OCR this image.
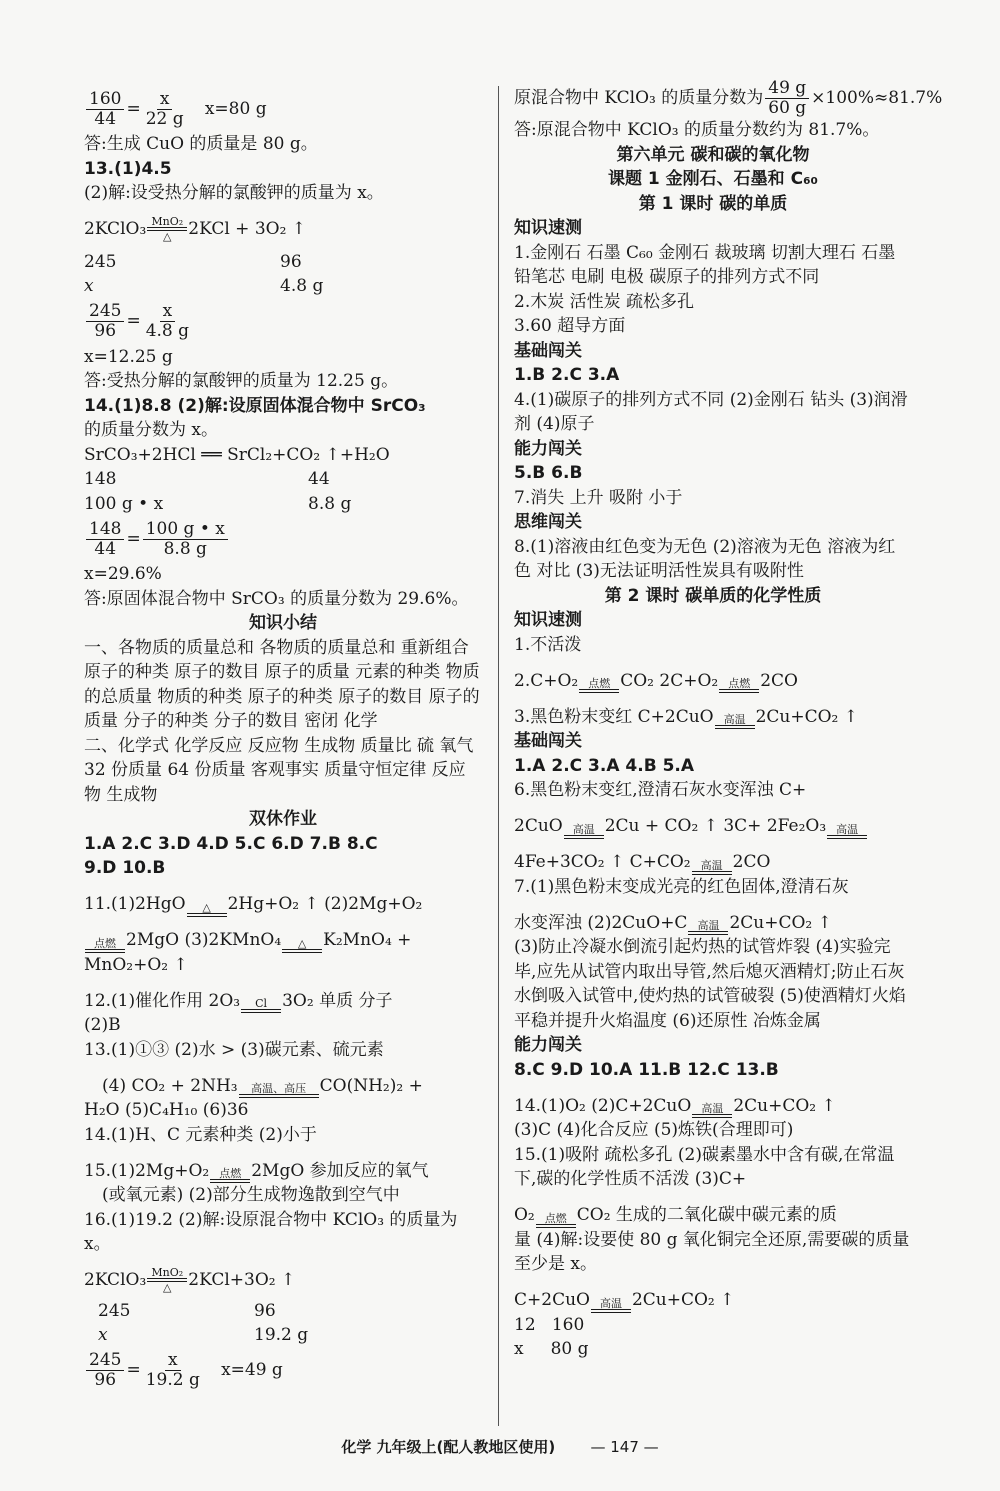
$\frac{160}{44} = \frac{x}{22 g}$
x=80 g
答:生成 CuO 的质量是 80 g。
13.(1)4.5
(2)解:设受热分解的氯酸钾的质量为 x。
2KClO₃ MnO₂
△ 2KCl + 3O₂ ↑
245	96
x	4.8 g
$\frac{245}{96} = \frac{x}{4.8 g}$
x=12.25 g
答:受热分解的氯酸钾的质量为 12.25 g。
14.(1)8.8 (2)解:设原固体混合物中 SrCO₃
的质量分数为 x。
SrCO₃+2HCl ══ SrCl₂+CO₂ ↑+H₂O
148	44
100 g • x	8.8 g
$\frac{148}{44} = \frac{100 g • x}{8.8 g}$
x=29.6%
答:原固体混合物中 SrCO₃ 的质量分数为 29.6%。
知识小结
一、各物质的质量总和 各物质的质量总和 重新组合 原子的种类 原子的数目 原子的质量 元素的种类 物质的总质量 物质的种类 原子的种类 原子的数目 原子的质量 分子的种类 分子的数目 密闭 化学
二、化学式 化学反应 反应物 生成物 质量比 硫 氧气 32 份质量 64 份质量 客观事实 质量守恒定律 反应物 生成物
双休作业
1.A 2.C 3.D 4.D 5.C 6.D 7.B 8.C
9.D 10.B
11.(1)2HgO △ 2Hg+O₂ ↑ (2)2Mg+O₂
点燃 2MgO (3)2KMnO₄ △ K₂MnO₄ +
MnO₂+O₂ ↑
12.(1)催化作用 2O₃ Cl 3O₂ 单质 分子
(2)B
13.(1)①③ (2)水 > (3)碳元素、硫元素
(4) CO₂ + 2NH₃ 高温、高压 CO(NH₂)₂ +
H₂O (5)C₄H₁₀ (6)36
14.(1)H、C 元素种类 (2)小于
15.(1)2Mg+O₂ 点燃 2MgO 参加反应的氧气
(或氧元素) (2)部分生成物逸散到空气中
16.(1)19.2 (2)解:设原混合物中 KClO₃ 的质量为 x。
2KClO₃ MnO₂
△ 2KCl+3O₂ ↑
245	96
x	19.2 g
$\frac{245}{96} = \frac{x}{19.2 g}$
x=49 g
原混合物中 KClO₃ 的质量分数为 $\frac{49 g}{60 g} \times 100\%\approx 81.7\%$
答:原混合物中 KClO₃ 的质量分数约为 81.7%。
第六单元 碳和碳的氧化物
课题 1 金刚石、石墨和 C₆₀
第 1 课时 碳的单质
知识速测
1.金刚石 石墨 C₆₀ 金刚石 裁玻璃 切割大理石 石墨 铅笔芯 电刷 电极 碳原子的排列方式不同
2.木炭 活性炭 疏松多孔
3.60 超导方面
基础闯关
1.B 2.C 3.A
4.(1)碳原子的排列方式不同 (2)金刚石 钻头 (3)润滑剂 (4)原子
能力闯关
5.B 6.B
7.消失 上升 吸附 小于
思维闯关
8.(1)溶液由红色变为无色 (2)溶液为无色 溶液为红色 对比 (3)无法证明活性炭具有吸附性
第 2 课时 碳单质的化学性质
知识速测
1.不活泼
2.C+O₂ 点燃 CO₂ 2C+O₂ 点燃 2CO
3.黑色粉末变红 C+2CuO 高温 2Cu+CO₂ ↑
基础闯关
1.A 2.C 3.A 4.B 5.A
6.黑色粉末变红,澄清石灰水变浑浊 C+
2CuO 高温 2Cu + CO₂ ↑ 3C+ 2Fe₂O₃ 高温
4Fe+3CO₂ ↑ C+CO₂ 高温 2CO
7.(1)黑色粉末变成光亮的红色固体,澄清石灰
水变浑浊 (2)2CuO+C 高温 2Cu+CO₂ ↑
(3)防止冷凝水倒流引起灼热的试管炸裂 (4)实验完毕,应先从试管内取出导管,然后熄灭酒精灯;防止石灰水倒吸入试管中,使灼热的试管破裂 (5)使酒精灯火焰平稳并提升火焰温度 (6)还原性 冶炼金属
能力闯关
8.C 9.D 10.A 11.B 12.C 13.B
14.(1)O₂ (2)C+2CuO 高温 2Cu+CO₂ ↑
(3)C (4)化合反应 (5)炼铁(合理即可)
15.(1)吸附 疏松多孔 (2)碳素墨水中含有碳,在常温下,碳的化学性质不活泼 (3)C+
O₂ 点燃 CO₂ 生成的二氧化碳中碳元素的质
量 (4)解:设要使 80 g 氧化铜完全还原,需要碳的质量至少是 x。
C+2CuO 高温 2Cu+CO₂ ↑
12   160
x     80 g
化学 九年级上(配人教地区使用) — 147 —
